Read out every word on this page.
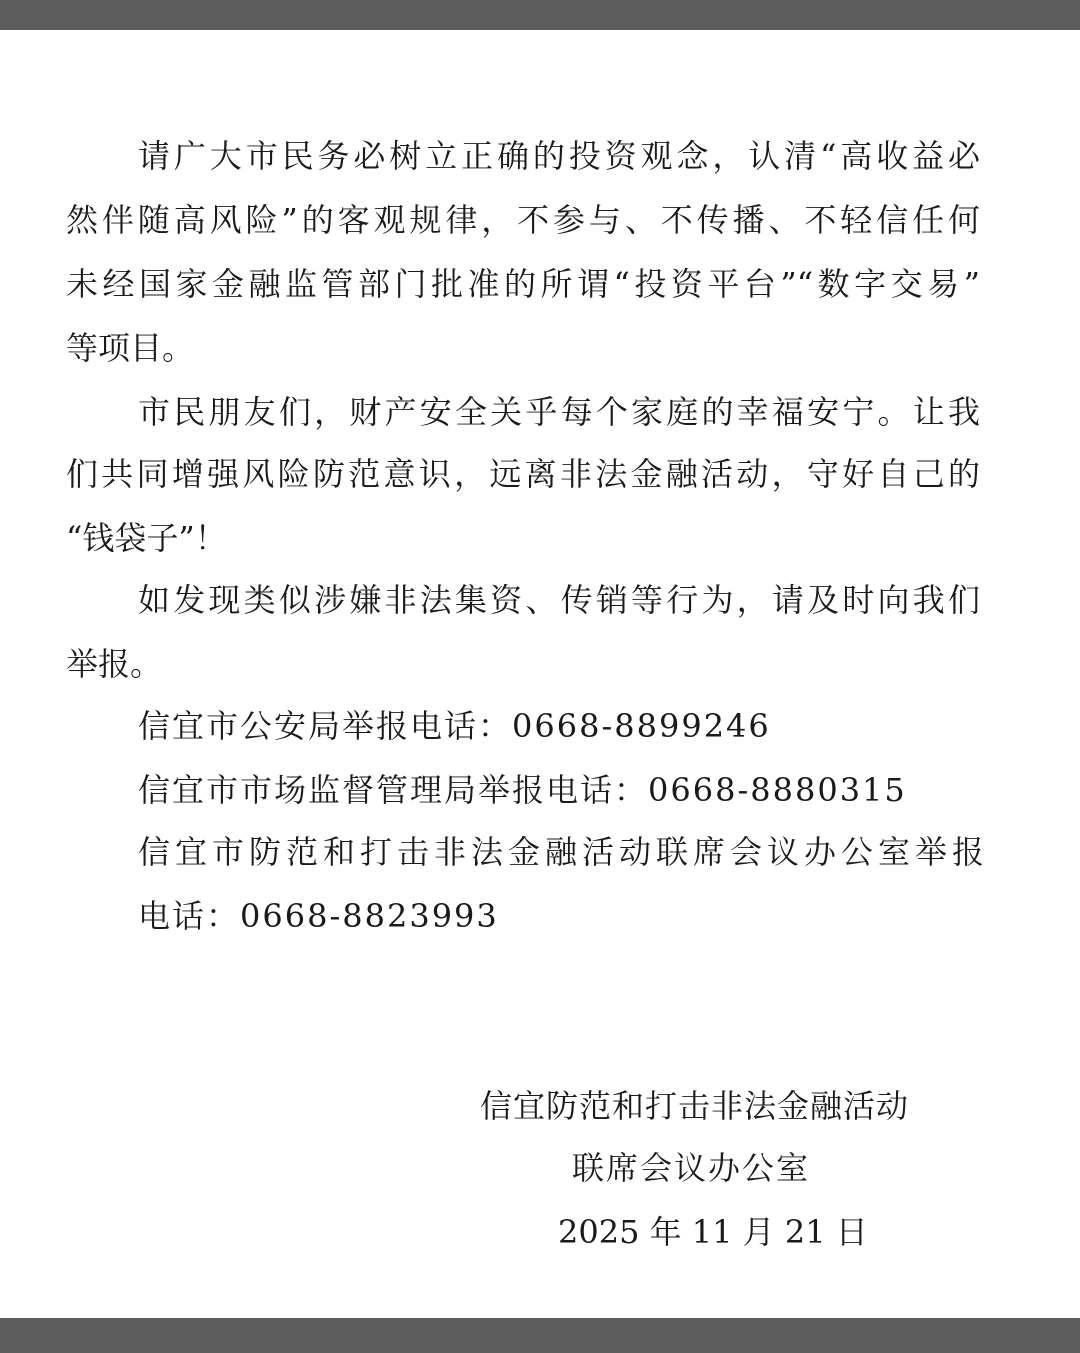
请广大市民务必树立正确的投资观念，认清“高收益必
然伴随高风险”的客观规律，不参与、不传播、不轻信任何
未经国家金融监管部门批准的所谓“投资平台”“数字交易”
等项目。
市民朋友们，财产安全关乎每个家庭的幸福安宁。让我
们共同增强风险防范意识，远离非法金融活动，守好自己的
“钱袋子”！
如发现类似涉嫌非法集资、传销等行为，请及时向我们
举报。
信宜市公安局举报电话：0668-8899246
信宜市市场监督管理局举报电话：0668-8880315
信宜市防范和打击非法金融活动联席会议办公室举报
电话：0668-8823993
信宜防范和打击非法金融活动
联席会议办公室
2025 年 11 月 21 日
